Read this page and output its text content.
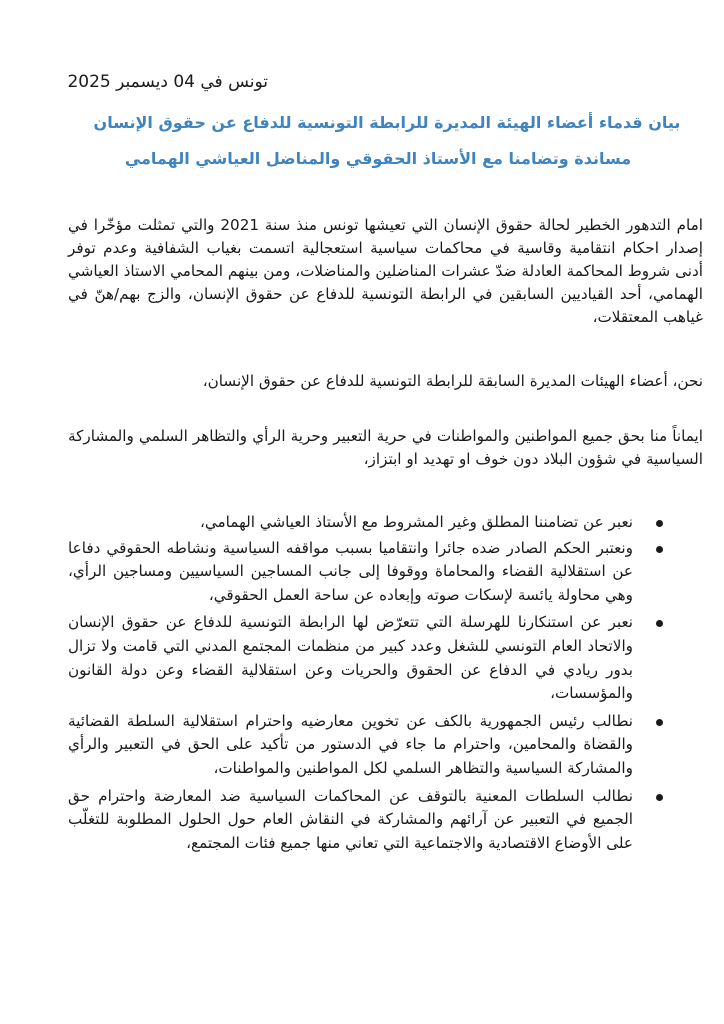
تونس في 04 ديسمبر 2025
بيان قدماء أعضاء الهيئة المديرة للرابطة التونسية للدفاع عن حقوق الإنسان
مساندة وتضامنا مع الأستاذ الحقوقي والمناضل العياشي الهمامي

امام التدهور الخطير لحالة حقوق الإنسان التي تعيشها تونس منذ سنة 2021 والتي تمثلت مؤخّرا في إصدار احكام انتقامية وقاسية في محاكمات سياسية استعجالية اتسمت بغياب الشفافية وعدم توفر أدنى شروط المحاكمة العادلة ضدّ عشرات المناضلين والمناضلات، ومن بينهم المحامي الاستاذ العياشي الهمامي، أحد القياديين السابقين في الرابطة التونسية للدفاع عن حقوق الإنسان، والزج بهم/هنّ في غياهب المعتقلات،

نحن، أعضاء الهيئات المديرة السابقة للرابطة التونسية للدفاع عن حقوق الإنسان،

ايماناً منا بحق جميع المواطنين والمواطنات في حرية التعبير وحرية الرأي والتظاهر السلمي والمشاركة السياسية في شؤون البلاد دون خوف او تهديد او ابتزاز،

نعبر عن تضامننا المطلق وغير المشروط مع الأستاذ العياشي الهمامي،
ونعتبر الحكم الصادر ضده جائرا وانتقاميا بسبب مواقفه السياسية ونشاطه الحقوقي دفاعا عن استقلالية القضاء والمحاماة ووقوفا إلى جانب المساجين السياسيين ومساجين الرأي، وهي محاولة يائسة لإسكات صوته وإبعاده عن ساحة العمل الحقوقي،
نعبر عن استنكارنا للهرسلة التي تتعرّض لها الرابطة التونسية للدفاع عن حقوق الإنسان والاتحاد العام التونسي للشغل وعدد كبير من منظمات المجتمع المدني التي قامت ولا تزال بدور ريادي في الدفاع عن الحقوق والحريات وعن استقلالية القضاء وعن دولة القانون والمؤسسات،
نطالب رئيس الجمهورية بالكف عن تخوين معارضيه واحترام استقلالية السلطة القضائية والقضاة والمحامين، واحترام ما جاء في الدستور من تأكيد على الحق في التعبير والرأي والمشاركة السياسية والتظاهر السلمي لكل المواطنين والمواطنات،
نطالب السلطات المعنية بالتوقف عن المحاكمات السياسية ضد المعارضة واحترام حق الجميع في التعبير عن آرائهم والمشاركة في النقاش العام حول الحلول المطلوبة للتغلّب على الأوضاع الاقتصادية والاجتماعية التي تعاني منها جميع فئات المجتمع،
